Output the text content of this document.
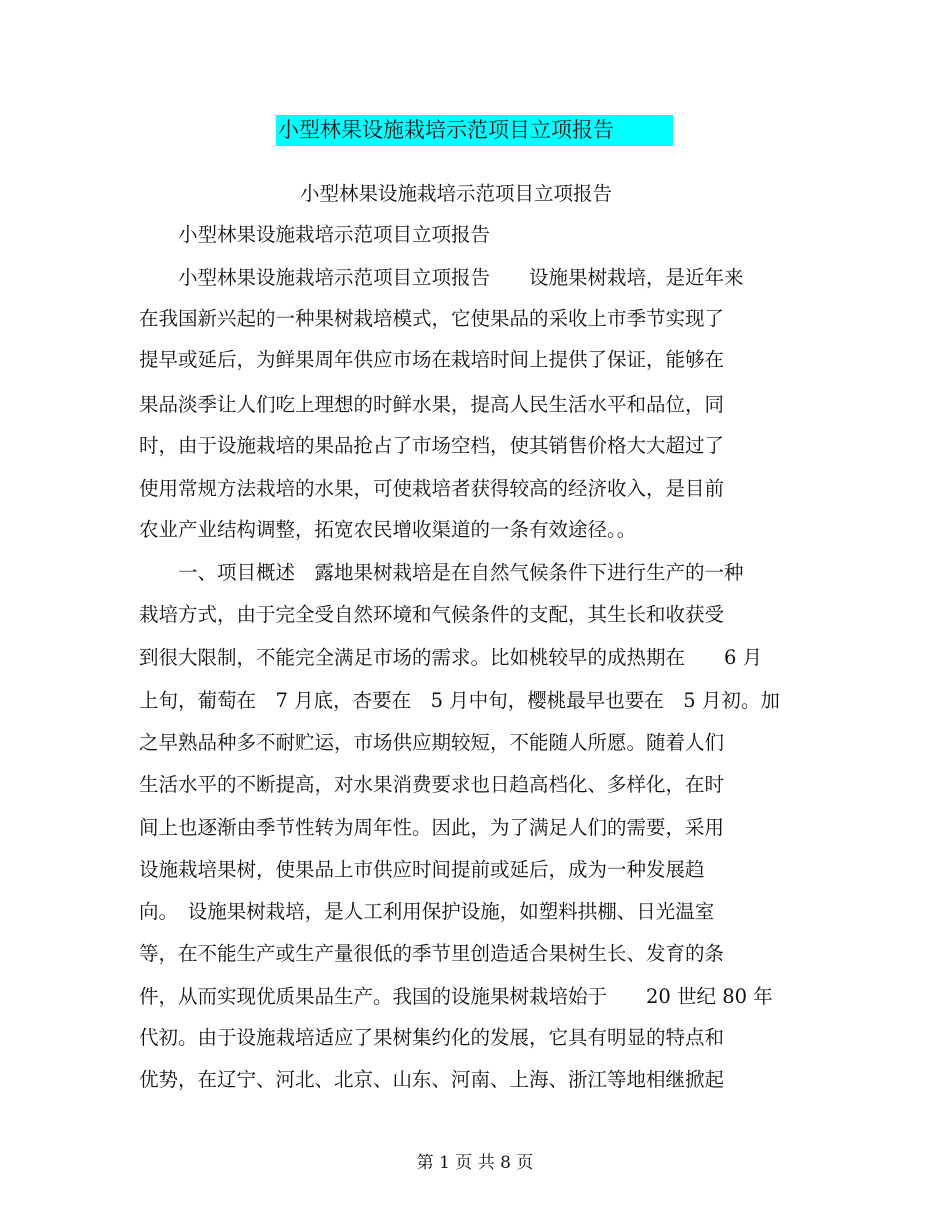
小型林果设施栽培示范项目立项报告
小型林果设施栽培示范项目立项报告
　　小型林果设施栽培示范项目立项报告
　　小型林果设施栽培示范项目立项报告　　设施果树栽培，是近年来
在我国新兴起的一种果树栽培模式，它使果品的采收上市季节实现了
提早或延后，为鲜果周年供应市场在栽培时间上提供了保证，能够在
果品淡季让人们吃上理想的时鲜水果，提高人民生活水平和品位，同
时，由于设施栽培的果品抢占了市场空档，使其销售价格大大超过了
使用常规方法栽培的水果，可使栽培者获得较高的经济收入，是目前
农业产业结构调整，拓宽农民增收渠道的一条有效途径。。
　　一、项目概述　露地果树栽培是在自然气候条件下进行生产的一种
栽培方式，由于完全受自然环境和气候条件的支配，其生长和收获受
到很大限制，不能完全满足市场的需求。比如桃较早的成热期在　　6 月
上旬，葡萄在　7 月底，杏要在　5 月中旬，樱桃最早也要在　5 月初。加
之早熟品种多不耐贮运，市场供应期较短，不能随人所愿。随着人们
生活水平的不断提高，对水果消费要求也日趋高档化、多样化，在时
间上也逐渐由季节性转为周年性。因此，为了满足人们的需要，采用
设施栽培果树，使果品上市供应时间提前或延后，成为一种发展趋
向。　设施果树栽培，是人工利用保护设施，如塑料拱棚、日光温室
等，在不能生产或生产量很低的季节里创造适合果树生长、发育的条
件，从而实现优质果品生产。我国的设施果树栽培始于　　20 世纪 80 年
代初。由于设施栽培适应了果树集约化的发展，它具有明显的特点和
优势，在辽宁、河北、北京、山东、河南、上海、浙江等地相继掀起
第 1 页 共 8 页
